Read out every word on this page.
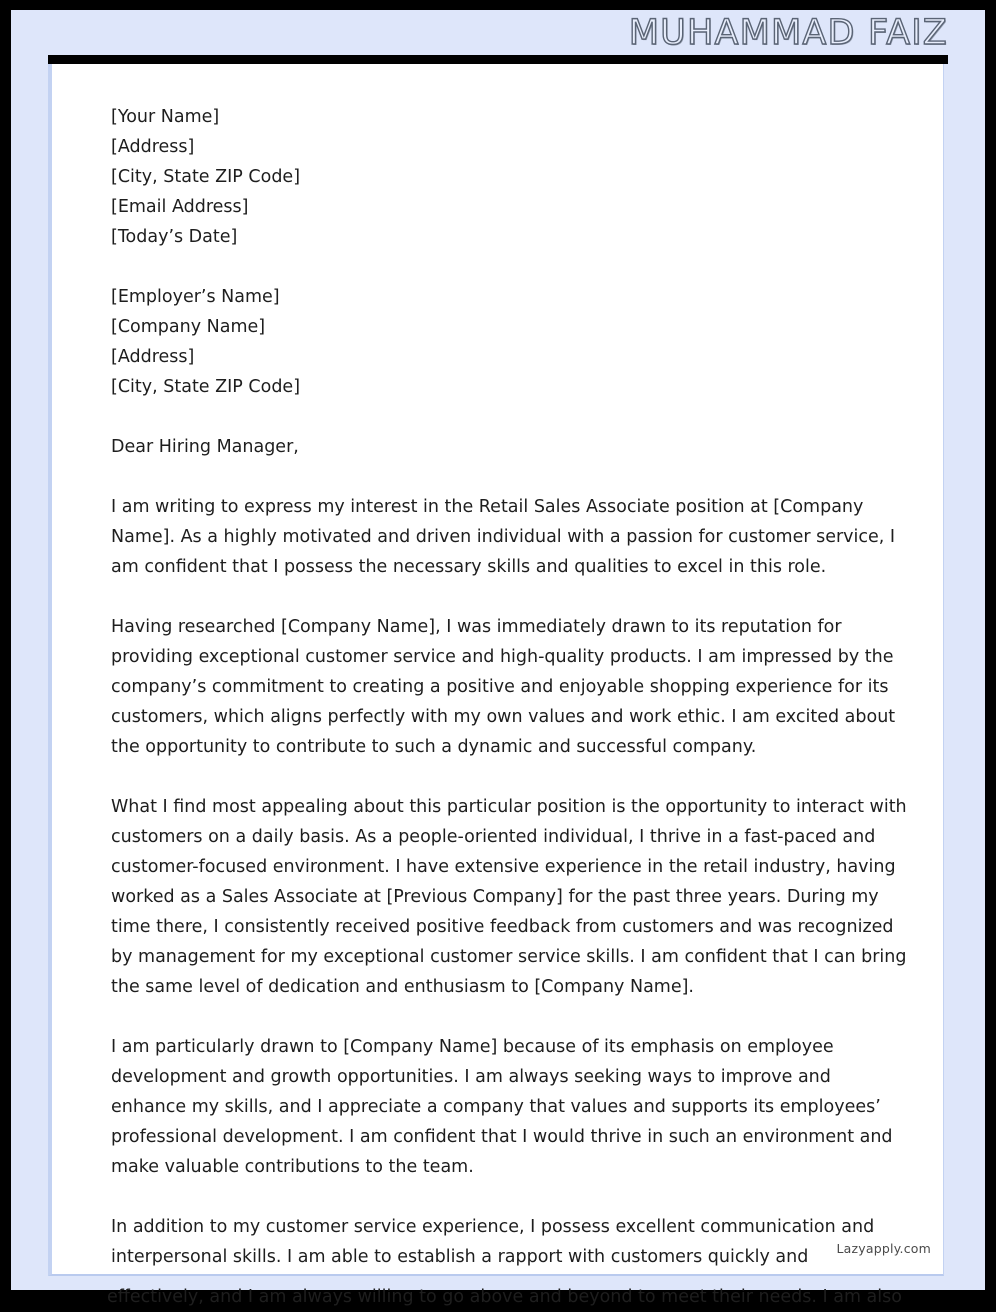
MUHAMMAD FAIZ
[Your Name]
[Address]
[City, State ZIP Code]
[Email Address]
[Today’s Date]
[Employer’s Name]
[Company Name]
[Address]
[City, State ZIP Code]
Dear Hiring Manager,

I am writing to express my interest in the Retail Sales Associate position at [Company Name]. As a highly motivated and driven individual with a passion for customer service, I am confident that I possess the necessary skills and qualities to excel in this role.

Having researched [Company Name], I was immediately drawn to its reputation for providing exceptional customer service and high-quality products. I am impressed by the company’s commitment to creating a positive and enjoyable shopping experience for its customers, which aligns perfectly with my own values and work ethic. I am excited about the opportunity to contribute to such a dynamic and successful company.

What I find most appealing about this particular position is the opportunity to interact with customers on a daily basis. As a people-oriented individual, I thrive in a fast-paced and customer-focused environment. I have extensive experience in the retail industry, having worked as a Sales Associate at [Previous Company] for the past three years. During my time there, I consistently received positive feedback from customers and was recognized by management for my exceptional customer service skills. I am confident that I can bring the same level of dedication and enthusiasm to [Company Name].

I am particularly drawn to [Company Name] because of its emphasis on employee development and growth opportunities. I am always seeking ways to improve and enhance my skills, and I appreciate a company that values and supports its employees’ professional development. I am confident that I would thrive in such an environment and make valuable contributions to the team.

In addition to my customer service experience, I possess excellent communication and interpersonal skills. I am able to establish a rapport with customers quickly and	Lazyapply.com
effectively, and I am always willing to go above and beyond to meet their needs. I am also
